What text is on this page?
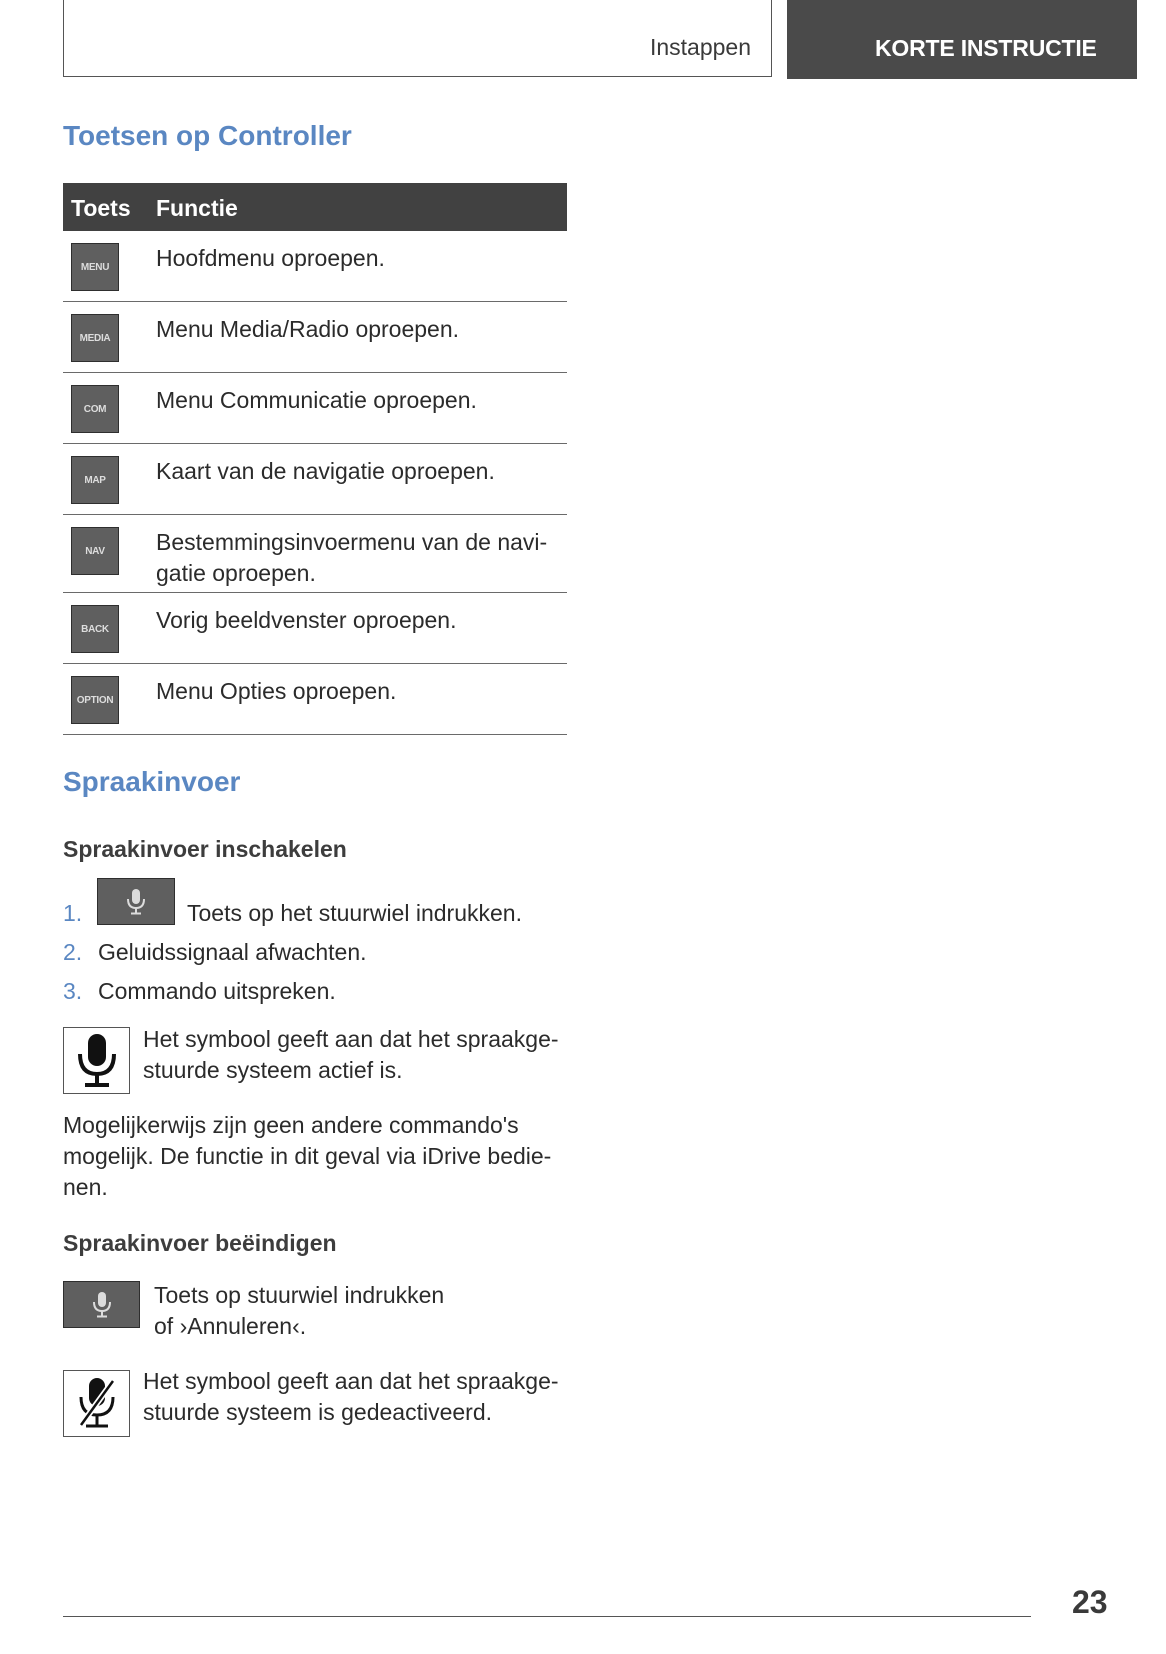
Instappen	KORTE INSTRUCTIE
Toetsen op Controller
Toets Functie
MENU	Hoofdmenu oproepen.
MEDIA	Menu Media/Radio oproepen.
COM	Menu Communicatie oproepen.
MAP	Kaart van de navigatie oproepen.
NAV	Bestemmingsinvoermenu van de navi-gatie oproepen.
BACK	Vorig beeldvenster oproepen.
OPTION Menu Opties oproepen.
Spraakinvoer
Spraakinvoer inschakelen
1.	Toets op het stuurwiel indrukken.
2. Geluidssignaal afwachten.
3. Commando uitspreken.
Het symbool geeft aan dat het spraakge-stuurde systeem actief is.
Mogelijkerwijs zijn geen andere commando's mogelijk. De functie in dit geval via iDrive bedie-nen.
Spraakinvoer beëindigen
Toets op stuurwiel indrukken of ›Annuleren‹.
Het symbool geeft aan dat het spraakge-stuurde systeem is gedeactiveerd.
23
